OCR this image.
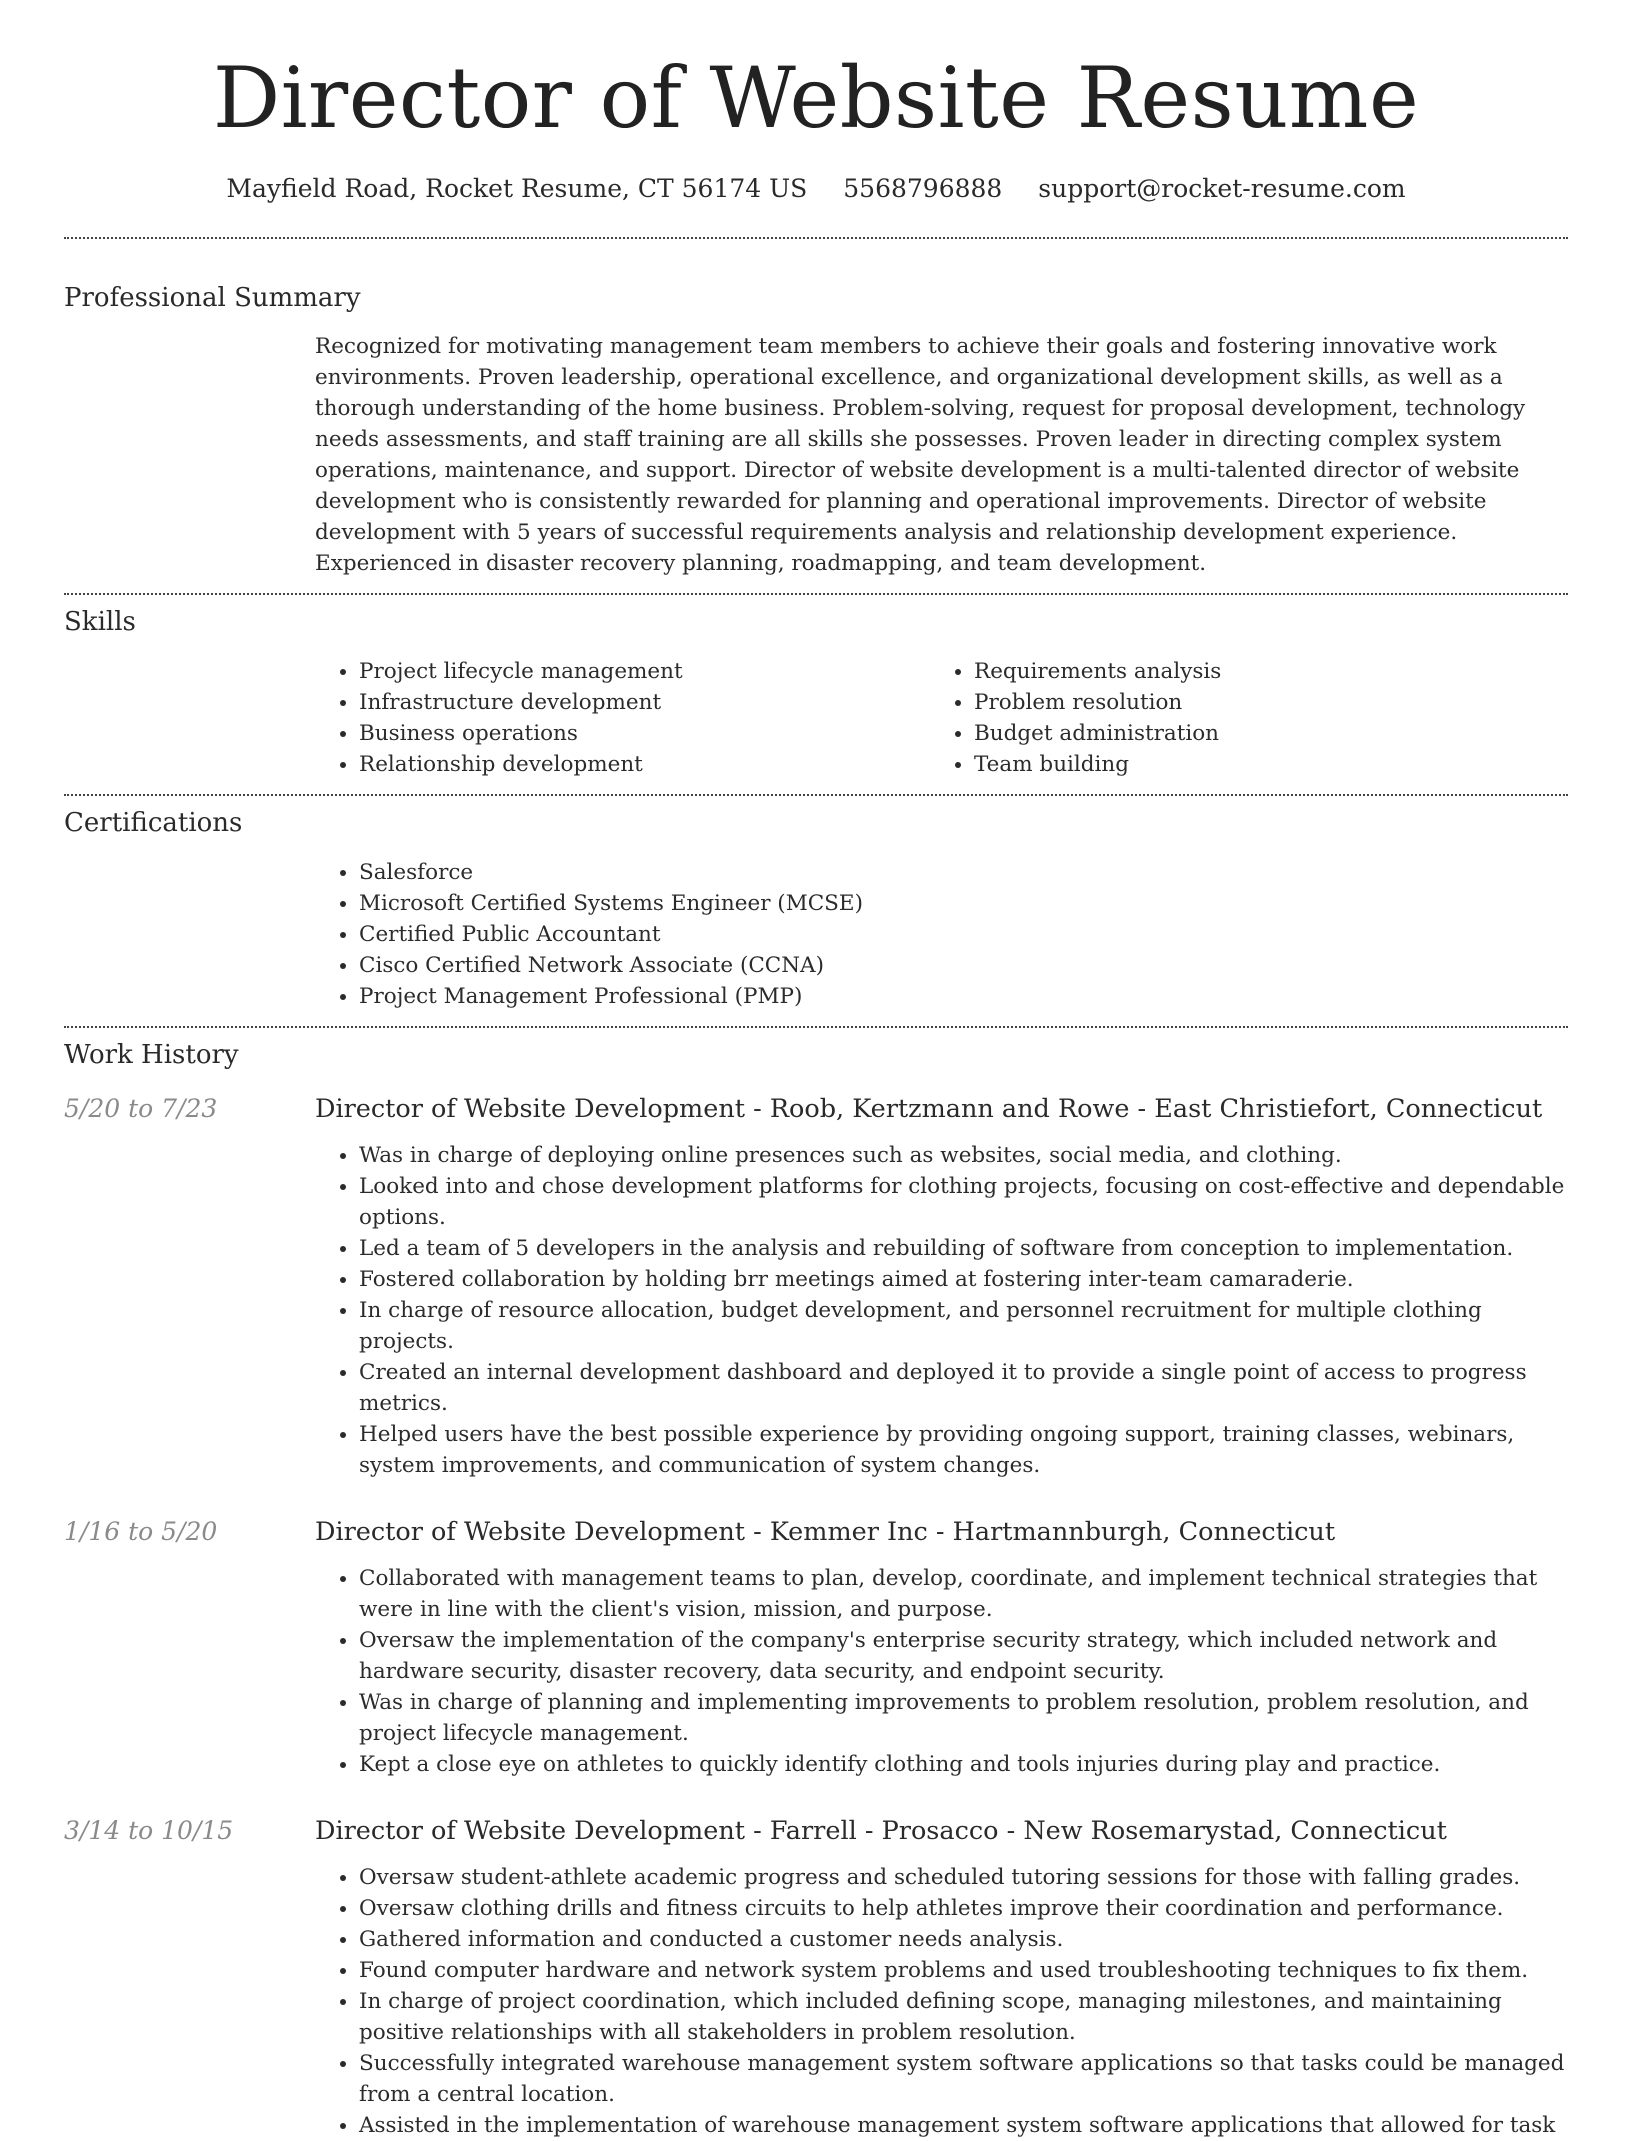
Director of Website Resume
Mayfield Road, Rocket Resume, CT 56174 US 5568796888 support@rocket-resume.com
Professional Summary

Recognized for motivating management team members to achieve their goals and fostering innovative work environments. Proven leadership, operational excellence, and organizational development skills, as well as a thorough understanding of the home business. Problem-solving, request for proposal development, technology needs assessments, and staff training are all skills she possesses. Proven leader in directing complex system operations, maintenance, and support. Director of website development is a multi-talented director of website development who is consistently rewarded for planning and operational improvements. Director of website development with 5 years of successful requirements analysis and relationship development experience. Experienced in disaster recovery planning, roadmapping, and team development.

Skills
• Project lifecycle management
• Infrastructure development
• Business operations
• Relationship development
• Requirements analysis
• Problem resolution
• Budget administration
• Team building
Certifications
• Salesforce
• Microsoft Certified Systems Engineer (MCSE)
• Certified Public Accountant
• Cisco Certified Network Associate (CCNA)
• Project Management Professional (PMP)
Work History
5/20 to 7/23	Director of Website Development - Roob, Kertzmann and Rowe - East Christiefort, Connecticut
• Was in charge of deploying online presences such as websites, social media, and clothing.
• Looked into and chose development platforms for clothing projects, focusing on cost-effective and dependable options.
• Led a team of 5 developers in the analysis and rebuilding of software from conception to implementation.
• Fostered collaboration by holding brr meetings aimed at fostering inter-team camaraderie.
• In charge of resource allocation, budget development, and personnel recruitment for multiple clothing projects.
• Created an internal development dashboard and deployed it to provide a single point of access to progress metrics.
• Helped users have the best possible experience by providing ongoing support, training classes, webinars, system improvements, and communication of system changes.
1/16 to 5/20	Director of Website Development - Kemmer Inc - Hartmannburgh, Connecticut
• Collaborated with management teams to plan, develop, coordinate, and implement technical strategies that were in line with the client's vision, mission, and purpose.
• Oversaw the implementation of the company's enterprise security strategy, which included network and hardware security, disaster recovery, data security, and endpoint security.
• Was in charge of planning and implementing improvements to problem resolution, problem resolution, and project lifecycle management.
• Kept a close eye on athletes to quickly identify clothing and tools injuries during play and practice.
3/14 to 10/15	Director of Website Development - Farrell - Prosacco - New Rosemarystad, Connecticut
• Oversaw student-athlete academic progress and scheduled tutoring sessions for those with falling grades.
• Oversaw clothing drills and fitness circuits to help athletes improve their coordination and performance.
• Gathered information and conducted a customer needs analysis.
• Found computer hardware and network system problems and used troubleshooting techniques to fix them.
• In charge of project coordination, which included defining scope, managing milestones, and maintaining positive relationships with all stakeholders in problem resolution.
• Successfully integrated warehouse management system software applications so that tasks could be managed from a central location.
• Assisted in the implementation of warehouse management system software applications that allowed for task
